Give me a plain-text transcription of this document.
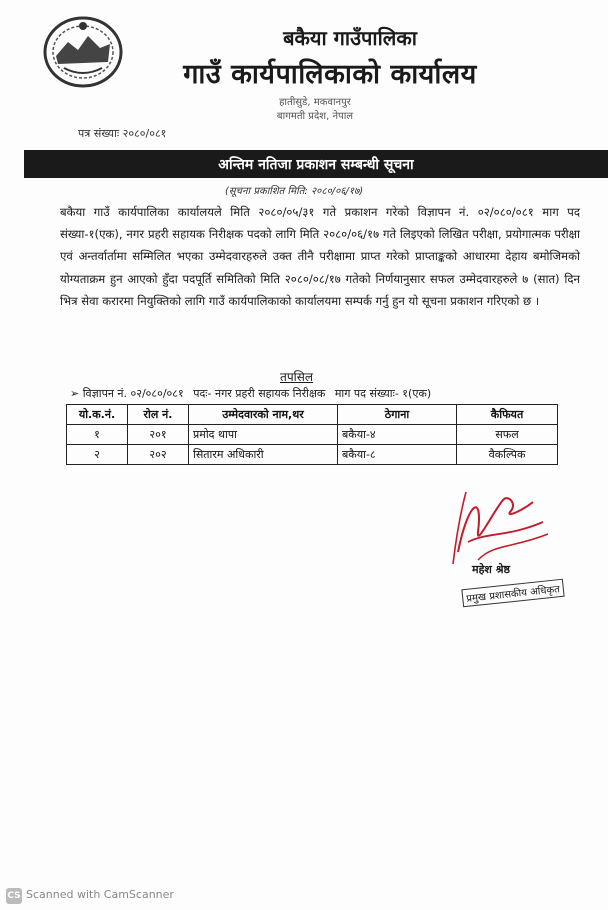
बकैया गाउँपालिका
गाउँ कार्यपालिकाको कार्यालय
हातीसुडे, मकवानपुर
बागमती प्रदेश, नेपाल
पत्र संख्याः २०८०/०८१
अन्तिम नतिजा प्रकाशन सम्बन्धी सूचना
(सूचना प्रकाशित मिति: २०८०/०६/१७)

बकैया गाउँ कार्यपालिका कार्यालयले मिति २०८०/०५/३१ गते प्रकाशन गरेको विज्ञापन नं. ०२/०८०/०८१ माग पद संख्या-१(एक), नगर प्रहरी सहायक निरीक्षक पदको लागि मिति २०८०/०६/१७ गते लिइएको लिखित परीक्षा, प्रयोगात्मक परीक्षा एवं अन्तर्वार्तामा सम्मिलित भएका उम्मेदवारहरुले उक्त तीनै परीक्षामा प्राप्त गरेको प्राप्ताङ्कको आधारमा देहाय बमोजिमको योग्यताक्रम हुन आएको हुँदा पदपूर्ति समितिको मिति २०८०/०८/१७ गतेको निर्णयानुसार सफल उम्मेदवारहरुले ७ (सात) दिन भित्र सेवा करारमा नियुक्तिको लागि गाउँ कार्यपालिकाको कार्यालयमा सम्पर्क गर्नु हुन यो सूचना प्रकाशन गरिएको छ ।

तपसिल
➢ विज्ञापन नं. ०२/०८०/०८१ पदः- नगर प्रहरी सहायक निरीक्षक माग पद संख्याः- १(एक)
यो.क.नं.	रोल नं.	उम्मेदवारको नाम,थर	ठेगाना	कैफियत
१	२०१	प्रमोद थापा	बकैया-४	सफल
२	२०२	सितारम अधिकारी	बकैया-८	वैकल्पिक
महेश श्रेष्ठ
प्रमुख प्रशासकीय अधिकृत
CS Scanned with CamScanner
